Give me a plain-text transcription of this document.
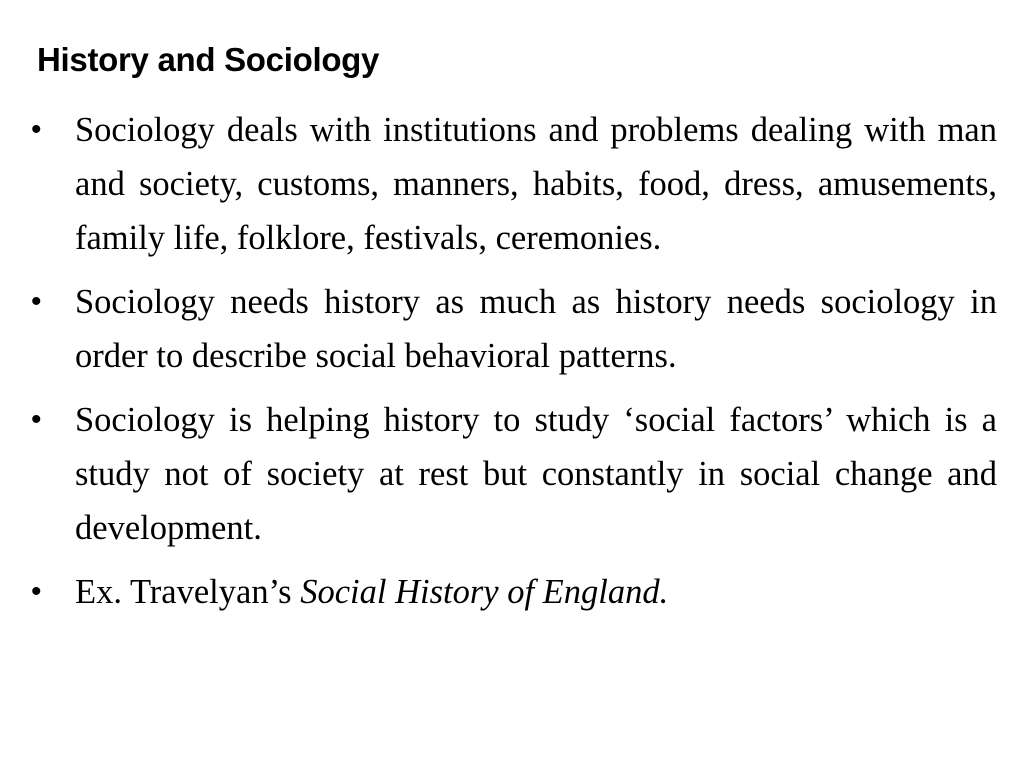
History and Sociology
• Sociology deals with institutions and problems dealing with man and society, customs, manners, habits, food, dress, amusements, family life, folklore, festivals, ceremonies.
• Sociology needs history as much as history needs sociology in order to describe social behavioral patterns.
• Sociology is helping history to study ‘social factors’ which is a study not of society at rest but constantly in social change and development.
• Ex. Travelyan’s Social History of England.
